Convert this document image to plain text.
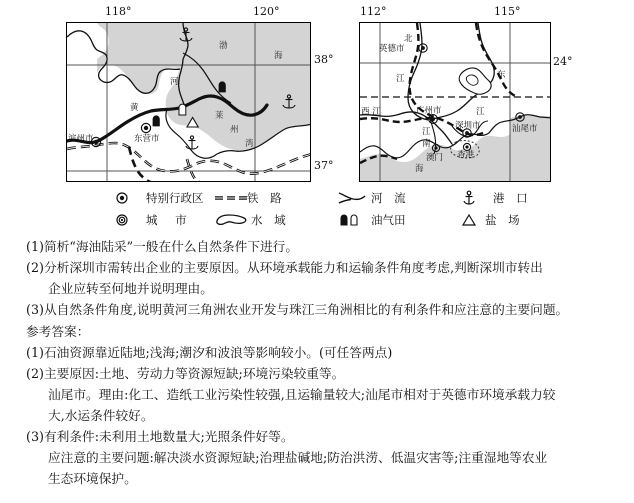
118°	120°
38°
37°
滨州市	东营市
黄
河
渤
海
莱
州
湾
112°	115°
24°
北
江
英德市
西 江	广州市
江
南
东
江
深圳市	汕尾市
澳门 香港
海
特别行政区	铁 路	河 流	港 口
城 市	水 域	油气田	盐 场
(1)简析“海油陆采”一般在什么自然条件下进行。
(2)分析深圳市需转出企业的主要原因。从环境承载能力和运输条件角度考虑‚判断深圳市转出
企业应转至何地并说明理由。
(3)从自然条件角度‚说明黄河三角洲农业开发与珠江三角洲相比的有利条件和应注意的主要问题。
参考答案：
(1)石油资源靠近陆地;浅海;潮汐和波浪等影响较小。(可任答两点)
(2)主要原因:土地、劳动力等资源短缺;环境污染较重等。
汕尾市。理由:化工、造纸工业污染性较强‚且运输量较大;汕尾市相对于英德市环境承载力较
大‚水运条件较好。
(3)有利条件:未利用土地数量大;光照条件好等。
应注意的主要问题:解决淡水资源短缺;治理盐碱地;防治洪涝、低温灾害等;注重湿地等农业
生态环境保护。
